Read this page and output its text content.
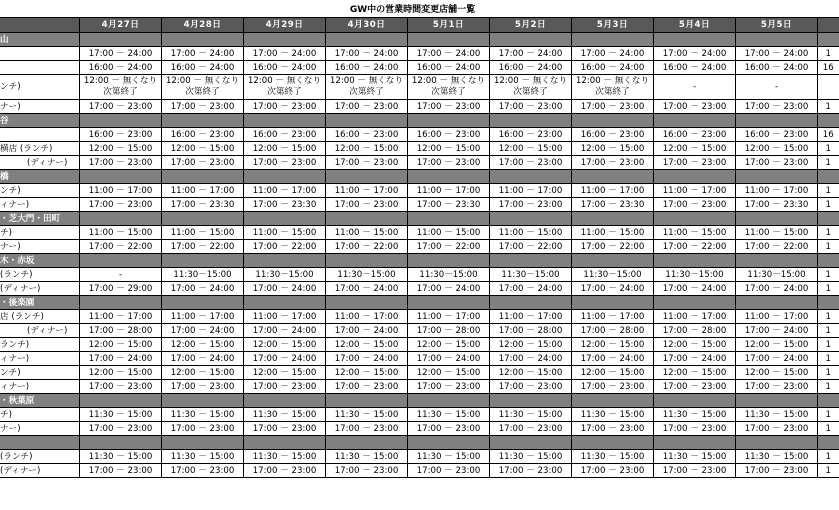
GW中の営業時間変更店舗一覧
	4月27日	4月28日	4月29日	4月30日	5月1日	5月2日	5月3日	5月4日	5月5日	
山										
	17:00 － 24:00	17:00 － 24:00	17:00 － 24:00	17:00 － 24:00	17:00 － 24:00	17:00 － 24:00	17:00 － 24:00	17:00 － 24:00	17:00 － 24:00	1
	16:00 － 24:00	16:00 － 24:00	16:00 － 24:00	16:00 － 24:00	16:00 － 24:00	16:00 － 24:00	16:00 － 24:00	16:00 － 24:00	16:00 － 24:00	16
ンチ)	12:00 － 無くなり次第終了	12:00 － 無くなり次第終了	12:00 － 無くなり次第終了	12:00 － 無くなり次第終了	12:00 － 無くなり次第終了	12:00 － 無くなり次第終了	12:00 － 無くなり次第終了	-	-	
ナー)	17:00 － 23:00	17:00 － 23:00	17:00 － 23:00	17:00 － 23:00	17:00 － 23:00	17:00 － 23:00	17:00 － 23:00	17:00 － 23:00	17:00 － 23:00	1
谷										
	16:00 － 23:00	16:00 － 23:00	16:00 － 23:00	16:00 － 23:00	16:00 － 23:00	16:00 － 23:00	16:00 － 23:00	16:00 － 23:00	16:00 － 23:00	16
横店 (ランチ)	12:00 － 15:00	12:00 － 15:00	12:00 － 15:00	12:00 － 15:00	12:00 － 15:00	12:00 － 15:00	12:00 － 15:00	12:00 － 15:00	12:00 － 15:00	1
(ディナー)	17:00 － 23:00	17:00 － 23:00	17:00 － 23:00	17:00 － 23:00	17:00 － 23:00	17:00 － 23:00	17:00 － 23:00	17:00 － 23:00	17:00 － 23:00	1
橋										
ンチ)	11:00 － 17:00	11:00 － 17:00	11:00 － 17:00	11:00 － 17:00	11:00 － 17:00	11:00 － 17:00	11:00 － 17:00	11:00 － 17:00	11:00 － 17:00	1
ィナー)	17:00 － 23:00	17:00 － 23:30	17:00 － 23:30	17:00 － 23:00	17:00 － 23:30	17:00 － 23:00	17:00 － 23:30	17:00 － 23:00	17:00 － 23:30	1
・芝大門・田町										
チ)	11:00 － 15:00	11:00 － 15:00	11:00 － 15:00	11:00 － 15:00	11:00 － 15:00	11:00 － 15:00	11:00 － 15:00	11:00 － 15:00	11:00 － 15:00	1
ナー)	17:00 － 22:00	17:00 － 22:00	17:00 － 22:00	17:00 － 22:00	17:00 － 22:00	17:00 － 22:00	17:00 － 22:00	17:00 － 22:00	17:00 － 22:00	1
木・赤坂										
(ランチ)	-	11:30－15:00	11:30－15:00	11:30－15:00	11:30－15:00	11:30－15:00	11:30－15:00	11:30－15:00	11:30－15:00	1
(ディナー)	17:00 － 29:00	17:00 － 24:00	17:00 － 24:00	17:00 － 24:00	17:00 － 24:00	17:00 － 24:00	17:00 － 24:00	17:00 － 24:00	17:00 － 24:00	1
・後楽園										
店 (ランチ)	11:00 － 17:00	11:00 － 17:00	11:00 － 17:00	11:00 － 17:00	11:00 － 17:00	11:00 － 17:00	11:00 － 17:00	11:00 － 17:00	11:00 － 17:00	1
(ディナー)	17:00 － 28:00	17:00 － 24:00	17:00 － 24:00	17:00 － 24:00	17:00 － 28:00	17:00 － 28:00	17:00 － 28:00	17:00 － 28:00	17:00 － 24:00	1
ランチ)	12:00 － 15:00	12:00 － 15:00	12:00 － 15:00	12:00 － 15:00	12:00 － 15:00	12:00 － 15:00	12:00 － 15:00	12:00 － 15:00	12:00 － 15:00	1
ィナー)	17:00 － 24:00	17:00 － 24:00	17:00 － 24:00	17:00 － 24:00	17:00 － 24:00	17:00 － 24:00	17:00 － 24:00	17:00 － 24:00	17:00 － 24:00	1
ンチ)	12:00 － 15:00	12:00 － 15:00	12:00 － 15:00	12:00 － 15:00	12:00 － 15:00	12:00 － 15:00	12:00 － 15:00	12:00 － 15:00	12:00 － 15:00	1
ィナー)	17:00 － 23:00	17:00 － 23:00	17:00 － 23:00	17:00 － 23:00	17:00 － 23:00	17:00 － 23:00	17:00 － 23:00	17:00 － 23:00	17:00 － 23:00	1
・秋葉原										
チ)	11:30 － 15:00	11:30 － 15:00	11:30 － 15:00	11:30 － 15:00	11:30 － 15:00	11:30 － 15:00	11:30 － 15:00	11:30 － 15:00	11:30 － 15:00	1
ナー)	17:00 － 23:00	17:00 － 23:00	17:00 － 23:00	17:00 － 23:00	17:00 － 23:00	17:00 － 23:00	17:00 － 23:00	17:00 － 23:00	17:00 － 23:00	1

(ランチ)	11:30 － 15:00	11:30 － 15:00	11:30 － 15:00	11:30 － 15:00	11:30 － 15:00	11:30 － 15:00	11:30 － 15:00	11:30 － 15:00	11:30 － 15:00	1
(ディナー)	17:00 － 23:00	17:00 － 23:00	17:00 － 23:00	17:00 － 23:00	17:00 － 23:00	17:00 － 23:00	17:00 － 23:00	17:00 － 23:00	17:00 － 23:00	1
